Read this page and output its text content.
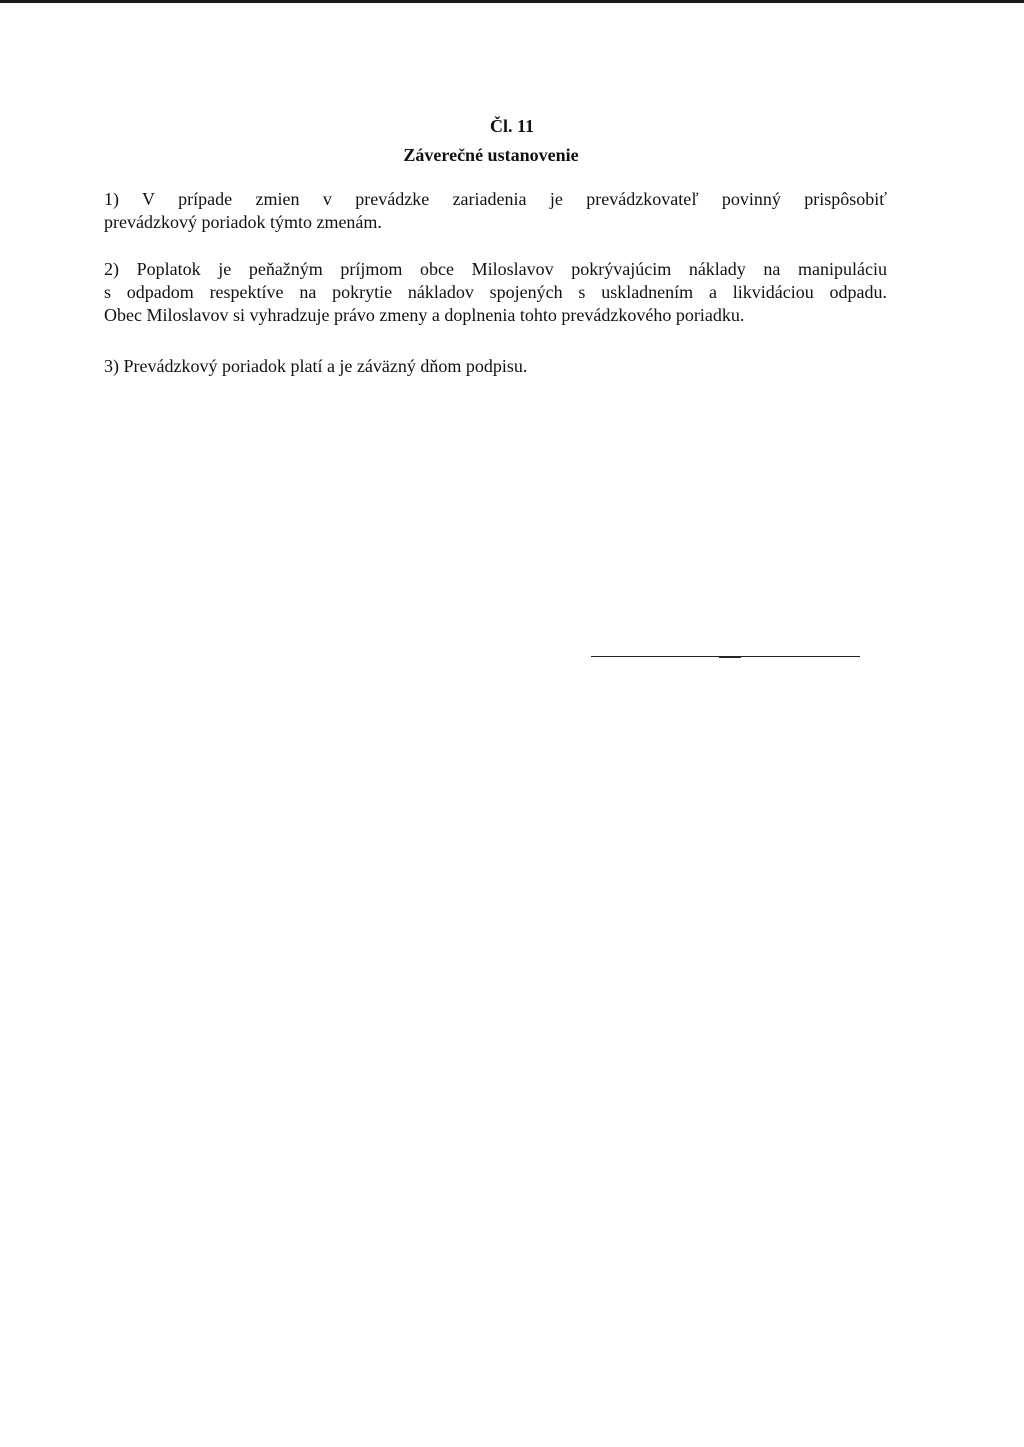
Čl. 11
Záverečné ustanovenie

1) V prípade zmien v prevádzke zariadenia je prevádzkovateľ povinný prispôsobiť
prevádzkový poriadok týmto zmenám.

2) Poplatok je peňažným príjmom obce Miloslavov pokrývajúcim náklady na manipuláciu
s odpadom respektíve na pokrytie nákladov spojených s uskladnením a likvidáciou odpadu.
Obec Miloslavov si vyhradzuje právo zmeny a doplnenia tohto prevádzkového poriadku.

3) Prevádzkový poriadok platí a je záväzný dňom podpisu.
